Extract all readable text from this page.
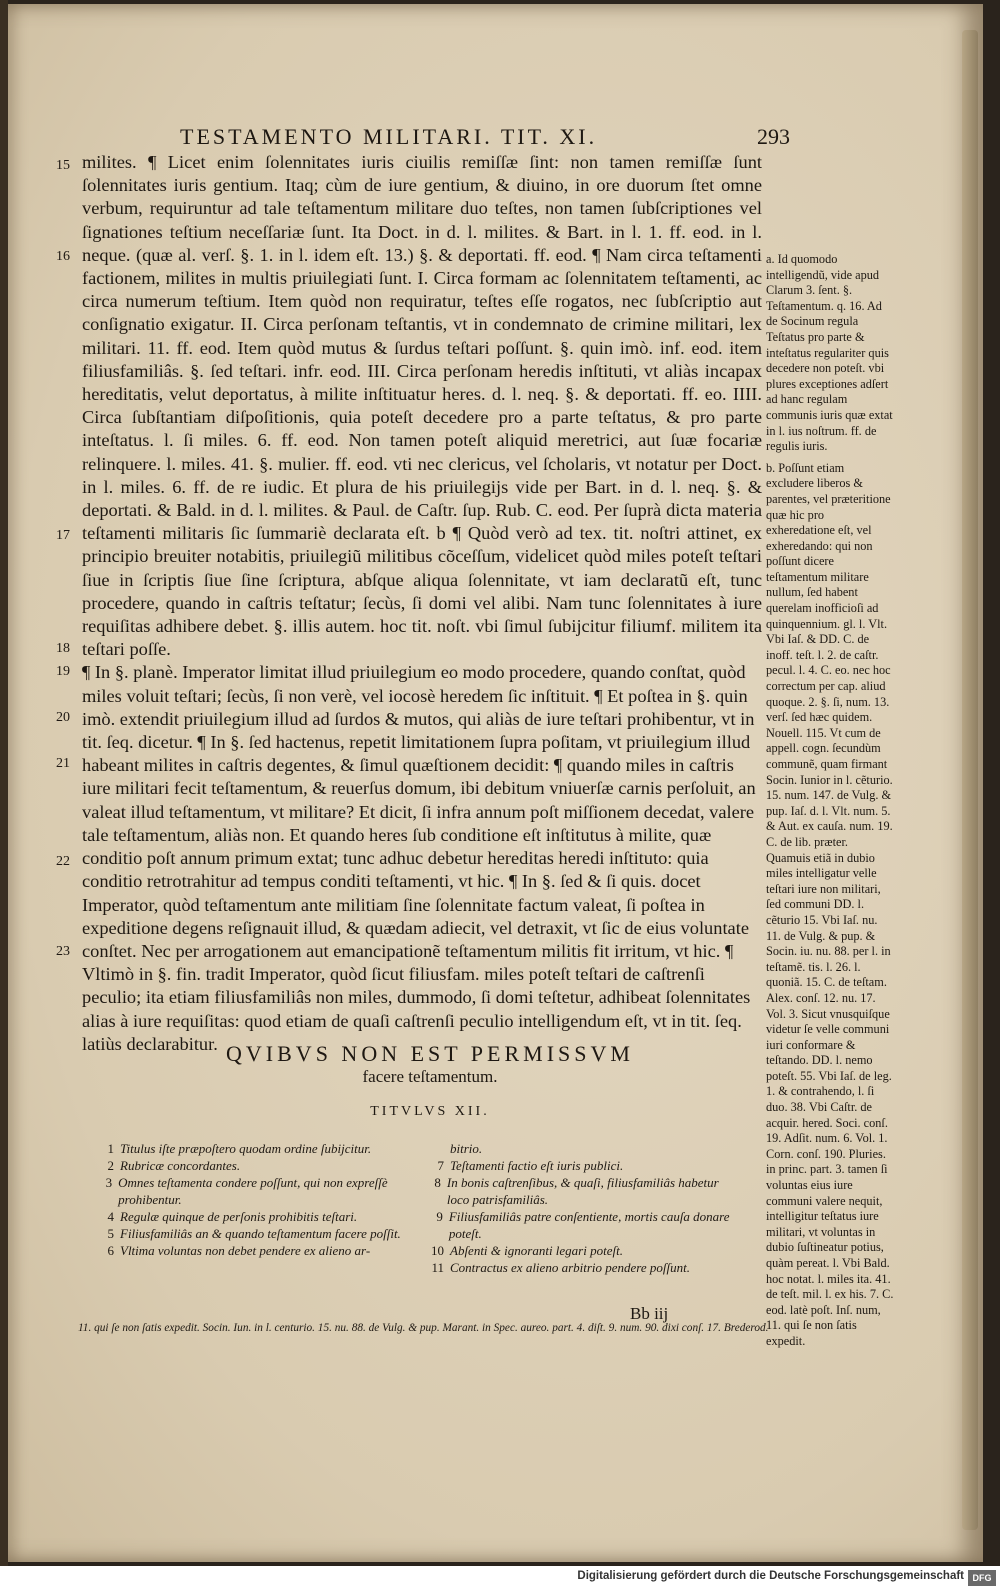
TESTAMENTO MILITARI. TIT. XI.	293
15
16
17
18
19
20
21
22
23

milites. ¶ Licet enim ſolennitates iuris ciuilis remiſſæ ſint: non tamen remiſſæ ſunt ſolennitates iuris gentium. Itaq; cùm de iure gentium, & diuino, in ore duorum ſtet omne verbum, requiruntur ad tale teſtamentum militare duo teſtes, non tamen ſubſcriptiones vel ſignationes teſtium neceſſariæ ſunt. Ita Doct. in d. l. milites. & Bart. in l. 1. ff. eod. in l. neque. (quæ al. verſ. §. 1. in l. idem eſt. 13.) §. & deportati. ff. eod. ¶ Nam circa teſtamenti factionem, milites in multis priuilegiati ſunt. I. Circa formam ac ſolennitatem teſtamenti, ac circa numerum teſtium. Item quòd non requiratur, teſtes eſſe rogatos, nec ſubſcriptio aut conſignatio exigatur. II. Circa perſonam teſtantis, vt in condemnato de crimine militari, lex militari. 11. ff. eod. Item quòd mutus & ſurdus teſtari poſſunt. §. quin imò. inf. eod. item filiusfamiliâs. §. ſed teſtari. infr. eod. III. Circa perſonam heredis inſtituti, vt aliàs incapax hereditatis, velut deportatus, à milite inſtituatur heres. d. l. neq. §. & deportati. ff. eo. IIII. Circa ſubſtantiam diſpoſitionis, quia poteſt decedere pro a parte teſtatus, & pro parte inteſtatus. l. ſi miles. 6. ff. eod. Non tamen poteſt aliquid meretrici, aut ſuæ focariæ relinquere. l. miles. 41. §. mulier. ff. eod. vti nec clericus, vel ſcholaris, vt notatur per Doct. in l. miles. 6. ff. de re iudic. Et plura de his priuilegijs vide per Bart. in d. l. neq. §. & deportati. & Bald. in d. l. milites. & Paul. de Caſtr. ſup. Rub. C. eod. Per ſuprà dicta materia teſtamenti militaris ſic ſummariè declarata eſt. b ¶ Quòd verò ad tex. tit. noſtri attinet, ex principio breuiter notabitis, priuilegiũ militibus cõceſſum, videlicet quòd miles poteſt teſtari ſiue in ſcriptis ſiue ſine ſcriptura, abſque aliqua ſolennitate, vt iam declaratũ eſt, tunc procedere, quando in caſtris teſtatur; ſecùs, ſi domi vel alibi. Nam tunc ſolennitates à iure requiſitas adhibere debet. §. illis autem. hoc tit. noſt. vbi ſimul ſubijcitur filiumf. militem ita teſtari poſſe.

¶ In §. planè. Imperator limitat illud priuilegium eo modo procedere, quando conſtat, quòd miles voluit teſtari; ſecùs, ſi non verè, vel iocosè heredem ſic inſtituit. ¶ Et poſtea in §. quin imò. extendit priuilegium illud ad ſurdos & mutos, qui aliàs de iure teſtari prohibentur, vt in tit. ſeq. dicetur. ¶ In §. ſed hactenus, repetit limitationem ſupra poſitam, vt priuilegium illud habeant milites in caſtris degentes, & ſimul quæſtionem decidit: ¶ quando miles in caſtris iure militari fecit teſtamentum, & reuerſus domum, ibi debitum vniuerſæ carnis perſoluit, an valeat illud teſtamentum, vt militare? Et dicit, ſi infra annum poſt miſſionem decedat, valere tale teſtamentum, aliàs non. Et quando heres ſub conditione eſt inſtitutus à milite, quæ conditio poſt annum primum extat; tunc adhuc debetur hereditas heredi inſtituto: quia conditio retrotrahitur ad tempus conditi teſtamenti, vt hic. ¶ In §. ſed & ſi quis. docet Imperator, quòd teſtamentum ante militiam ſine ſolennitate factum valeat, ſi poſtea in expeditione degens reſignauit illud, & quædam adiecit, vel detraxit, vt ſic de eius voluntate conſtet. Nec per arrogationem aut emancipationẽ teſtamentum militis fit irritum, vt hic. ¶ Vltimò in §. fin. tradit Imperator, quòd ſicut filiusfam. miles poteſt teſtari de caſtrenſi peculio; ita etiam filiusfamiliâs non miles, dummodo, ſi domi teſtetur, adhibeat ſolennitates alias à iure requiſitas: quod etiam de quaſi caſtrenſi peculio intelligendum eſt, vt in tit. ſeq. latiùs declarabitur.

a. Id quomodo intelligendũ, vide apud Clarum 3. ſent. §. Teſtamentum. q. 16. Ad de Socinum regula Teſtatus pro parte & inteſtatus regulariter quis decedere non poteſt. vbi plures exceptiones adſert ad hanc regulam communis iuris quæ extat in l. ius noſtrum. ff. de regulis iuris.

b. Poſſunt etiam excludere liberos & parentes, vel præteritione quæ hic pro exheredatione eſt, vel exheredando: qui non poſſunt dicere teſtamentum militare nullum, ſed habent querelam inofficioſi ad quinquennium. gl. l. Vlt. Vbi Iaſ. & DD. C. de inoff. teſt. l. 2. de caſtr. pecul. l. 4. C. eo. nec hoc correctum per cap. aliud quoque. 2. §. ſi, num. 13. verſ. ſed hæc quidem. Nouell. 115. Vt cum de appell. cogn. ſecundùm communẽ, quam firmant Socin. Iunior in l. cẽturio. 15. num. 147. de Vulg. & pup. Iaſ. d. l. Vlt. num. 5. & Aut. ex cauſa. num. 19. C. de lib. præter. Quamuis etiã in dubio miles intelligatur velle teſtari iure non militari, ſed communi DD. l. cẽturio 15. Vbi Iaſ. nu. 11. de Vulg. & pup. & Socin. iu. nu. 88. per l. in teſtamẽ. tis. l. 26. l. quoniã. 15. C. de teſtam. Alex. conſ. 12. nu. 17. Vol. 3. Sicut vnusquiſque videtur ſe velle communi iuri conformare & teſtando. DD. l. nemo poteſt. 55. Vbi Iaſ. de leg. 1. & contrahendo, l. ſi duo. 38. Vbi Caſtr. de acquir. hered. Soci. conſ. 19. Adſit. num. 6. Vol. 1. Corn. conſ. 190. Pluries. in princ. part. 3. tamen ſi voluntas eius iure communi valere nequit, intelligitur teſtatus iure militari, vt voluntas in dubio ſuſtineatur potius, quàm pereat. l. Vbi Bald. hoc notat. l. miles ita. 41. de teſt. mil. l. ex his. 7. C. eod. latè poſt. Inſ. num, 11. qui ſe non ſatis expedit.

QVIBVS NON EST PERMISSVM
facere teſtamentum.
TITVLVS XII.
1 Titulus iſte præpoſtero quodam ordine ſubijcitur.
2 Rubricæ concordantes.
3 Omnes teſtamenta condere poſſunt, qui non expreſſè prohibentur.
4 Regulæ quinque de perſonis prohibitis teſtari.
5 Filiusfamiliâs an & quando teſtamentum facere poſſit.
6 Vltima voluntas non debet pendere ex alieno ar-
bitrio.
7 Teſtamenti factio eſt iuris publici.
8 In bonis caſtrenſibus, & quaſi, filiusfamiliâs habetur loco patrisfamiliâs.
9 Filiusfamiliâs patre conſentiente, mortis cauſa donare poteſt.
10 Abſenti & ignoranti legari poteſt.
11 Contractus ex alieno arbitrio pendere poſſunt.
Bb iij
11. qui ſe non ſatis expedit. Socin. Iun. in l. centurio. 15. nu. 88. de Vulg. & pup. Marant. in Spec. aureo. part. 4. diſt. 9. num. 90. dixi conſ. 17. Brederod.
Digitalisierung gefördert durch die Deutsche Forschungsgemeinschaft DFG
